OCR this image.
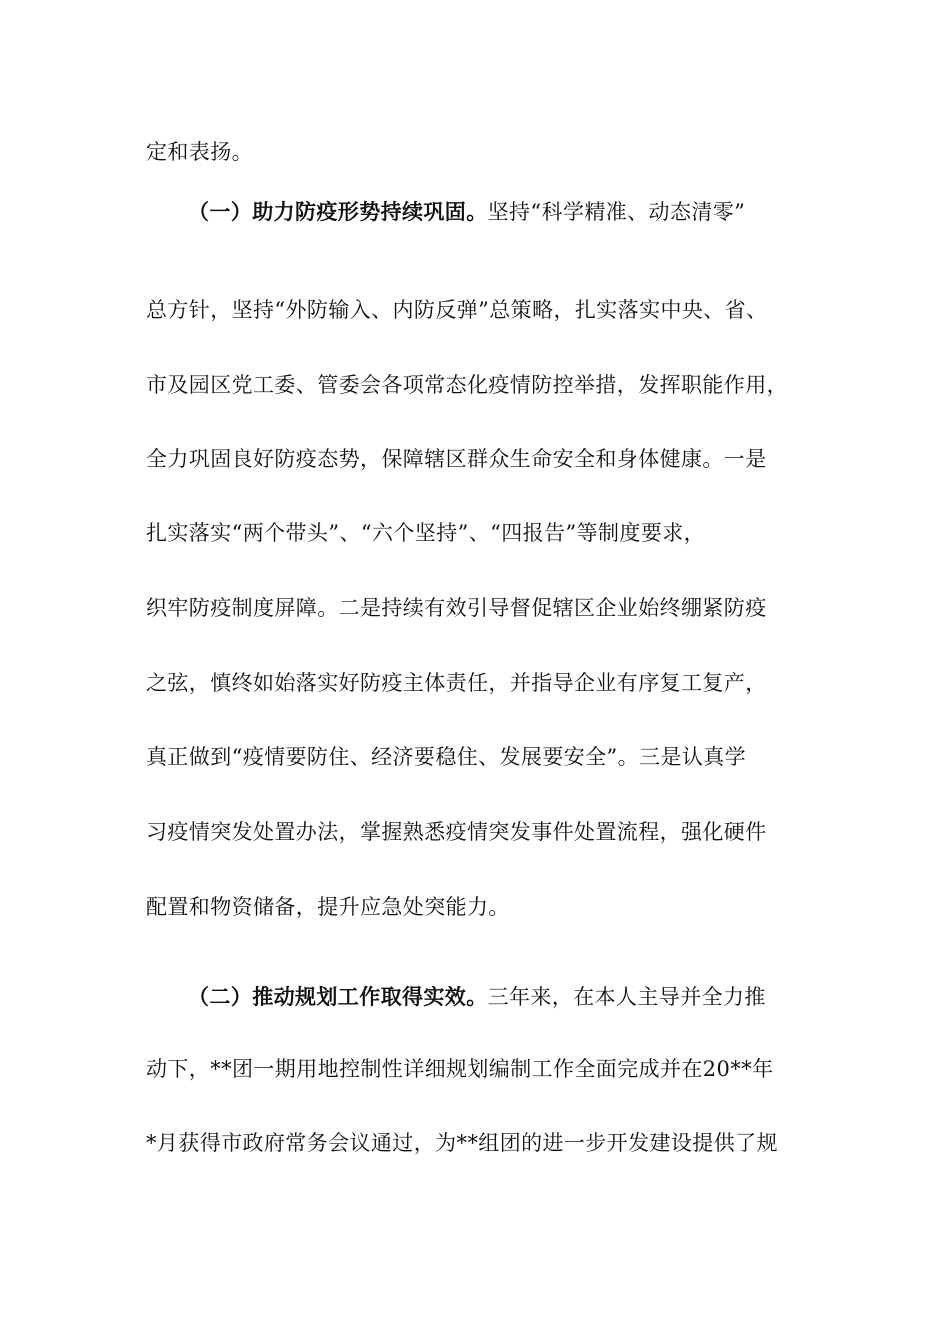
定和表扬。
（一）助力防疫形势持续巩固。坚持“科学精准、动态清零”
总方针，坚持“外防输入、内防反弹”总策略，扎实落实中央、省、
市及园区党工委、管委会各项常态化疫情防控举措，发挥职能作用，
全力巩固良好防疫态势，保障辖区群众生命安全和身体健康。一是
扎实落实“两个带头”、“六个坚持”、“四报告”等制度要求，
织牢防疫制度屏障。二是持续有效引导督促辖区企业始终绷紧防疫
之弦，慎终如始落实好防疫主体责任，并指导企业有序复工复产，
真正做到“疫情要防住、经济要稳住、发展要安全”。三是认真学
习疫情突发处置办法，掌握熟悉疫情突发事件处置流程，强化硬件
配置和物资储备，提升应急处突能力。
（二）推动规划工作取得实效。三年来，在本人主导并全力推
动下，**团一期用地控制性详细规划编制工作全面完成并在20**年
*月获得市政府常务会议通过，为**组团的进一步开发建设提供了规
